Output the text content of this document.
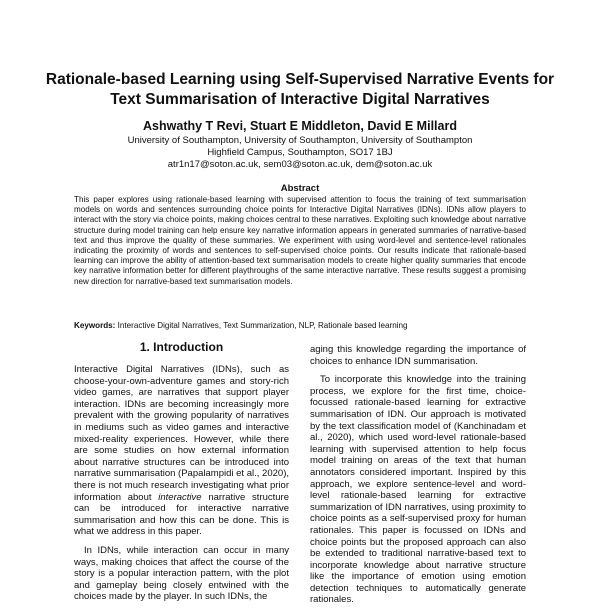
Rationale-based Learning using Self-Supervised Narrative Events for Text Summarisation of Interactive Digital Narratives
Ashwathy T Revi, Stuart E Middleton, David E Millard
University of Southampton, University of Southampton, University of Southampton
Highfield Campus, Southampton, SO17 1BJ
atr1n17@soton.ac.uk, sem03@soton.ac.uk, dem@soton.ac.uk
Abstract
This paper explores using rationale-based learning with supervised attention to focus the training of text summarisation models on words and sentences surrounding choice points for Interactive Digital Narratives (IDNs). IDNs allow players to interact with the story via choice points, making choices central to these narratives. Exploiting such knowledge about narrative structure during model training can help ensure key narrative information appears in generated summaries of narrative-based text and thus improve the quality of these summaries. We experiment with using word-level and sentence-level rationales indicating the proximity of words and sentences to self-supervised choice points. Our results indicate that rationale-based learning can improve the ability of attention-based text summarisation models to create higher quality summaries that encode key narrative information better for different playthroughs of the same interactive narrative. These results suggest a promising new direction for narrative-based text summarisation models.
Keywords: Interactive Digital Narratives, Text Summarization, NLP, Rationale based learning
1. Introduction

Interactive Digital Narratives (IDNs), such as choose-your-own-adventure games and story-rich video games, are narratives that support player interaction. IDNs are becoming increasingly more prevalent with the growing popularity of narratives in mediums such as video games and interactive mixed-reality experiences. However, while there are some studies on how external information about narrative structures can be introduced into narrative summarisation (Papalampidi et al., 2020), there is not much research investigating what prior information about interactive narrative structure can be introduced for interactive narrative summarisation and how this can be done. This is what we address in this paper.

In IDNs, while interaction can occur in many ways, making choices that affect the course of the story is a popular interaction pattern, with the plot and gameplay being closely entwined with the choices made by the player. In such IDNs, the

aging this knowledge regarding the importance of choices to enhance IDN summarisation.

To incorporate this knowledge into the training process, we explore for the first time, choice-focussed rationale-based learning for extractive summarisation of IDN. Our approach is motivated by the text classification model of (Kanchinadam et al., 2020), which used word-level rationale-based learning with supervised attention to help focus model training on areas of the text that human annotators considered important. Inspired by this approach, we explore sentence-level and word-level rationale-based learning for extractive summarization of IDN narratives, using proximity to choice points as a self-supervised proxy for human rationales. This paper is focussed on IDNs and choice points but the proposed approach can also be extended to traditional narrative-based text to incorporate knowledge about narrative structure like the importance of emotion using emotion detection techniques to automatically generate rationales.
